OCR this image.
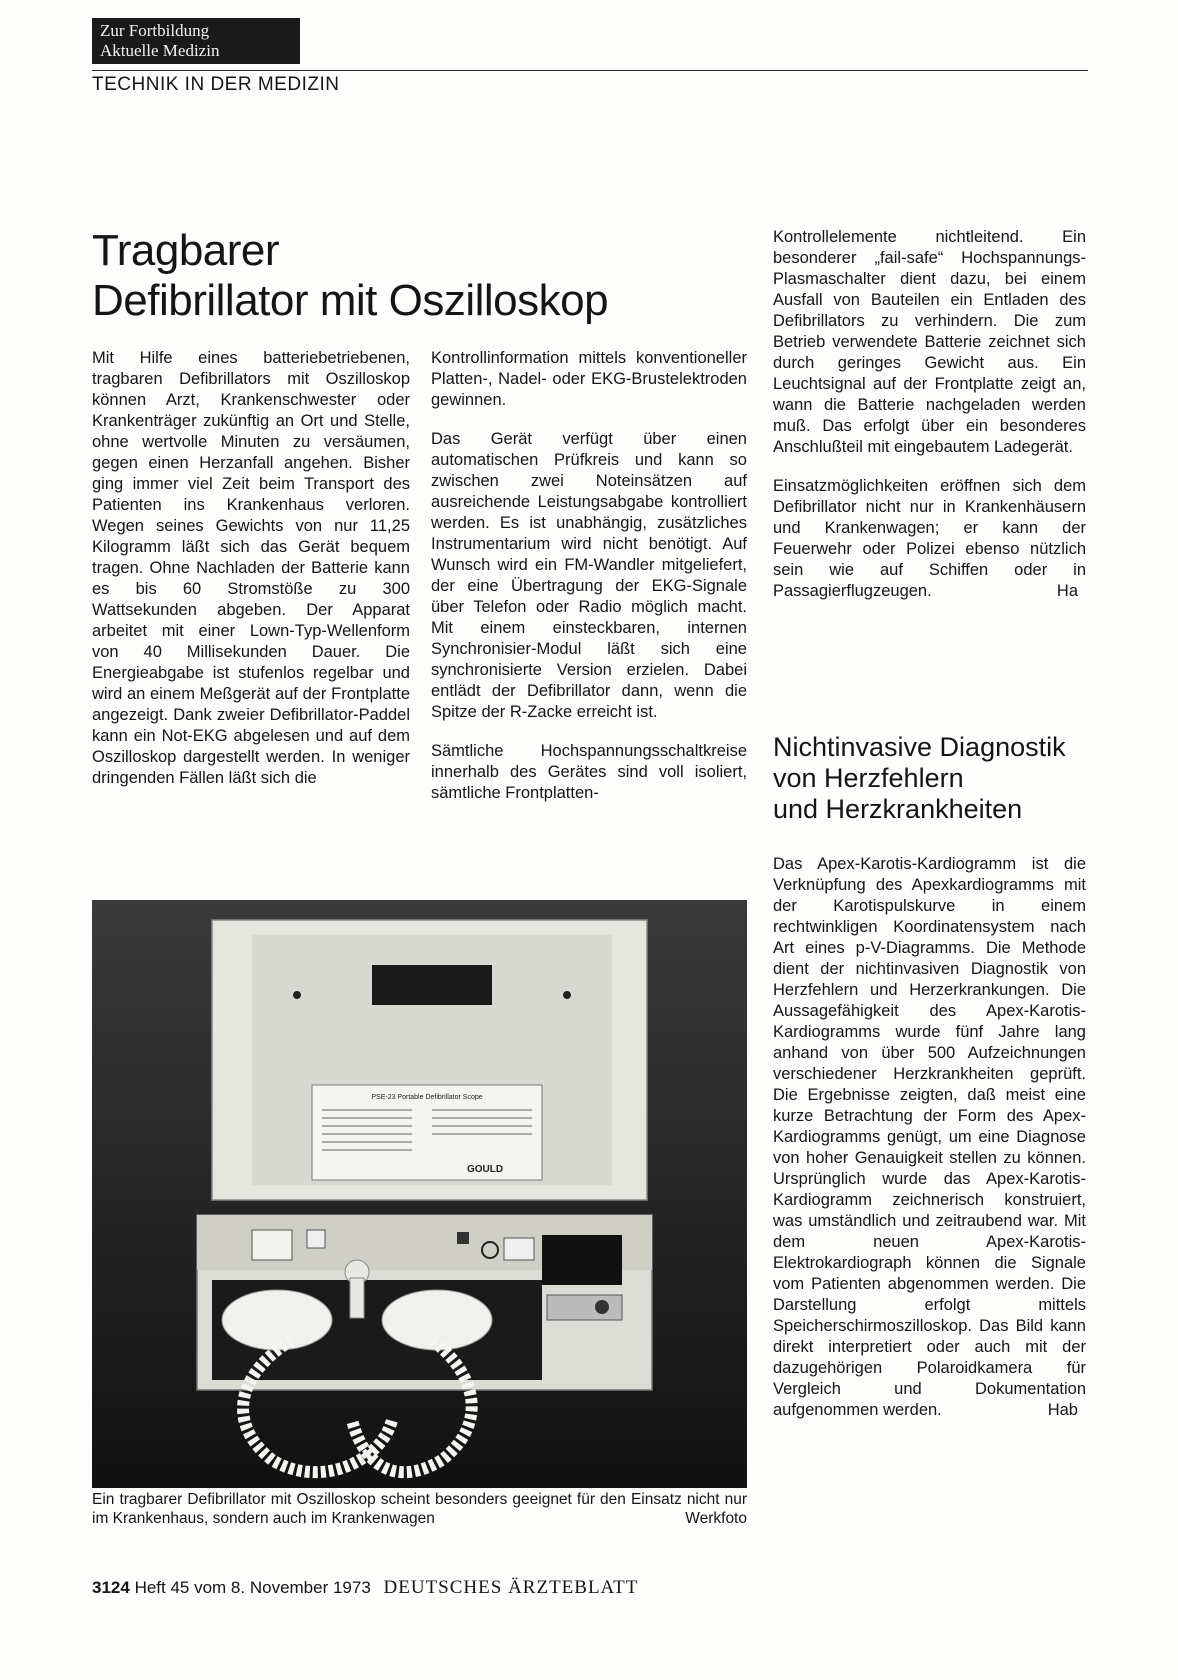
Zur Fortbildung
Aktuelle Medizin
TECHNIK IN DER MEDIZIN
Tragbarer
Defibrillator mit Oszilloskop

Mit Hilfe eines batteriebetriebenen, tragbaren Defibrillators mit Oszilloskop können Arzt, Krankenschwester oder Krankenträger zukünftig an Ort und Stelle, ohne wertvolle Minuten zu versäumen, gegen einen Herzanfall angehen. Bisher ging immer viel Zeit beim Transport des Patienten ins Krankenhaus verloren. Wegen seines Gewichts von nur 11,25 Kilogramm läßt sich das Gerät bequem tragen. Ohne Nachladen der Batterie kann es bis 60 Stromstöße zu 300 Wattsekunden abgeben. Der Apparat arbeitet mit einer Lown-Typ-Wellenform von 40 Millisekunden Dauer. Die Energieabgabe ist stufenlos regelbar und wird an einem Meßgerät auf der Frontplatte angezeigt. Dank zweier Defibrillator-Paddel kann ein Not-EKG abgelesen und auf dem Oszilloskop dargestellt werden. In weniger dringenden Fällen läßt sich die

Kontrollinformation mittels konventioneller Platten-, Nadel- oder EKG-Brustelektroden gewinnen.

Das Gerät verfügt über einen automatischen Prüfkreis und kann so zwischen zwei Noteinsätzen auf ausreichende Leistungsabgabe kontrolliert werden. Es ist unabhängig, zusätzliches Instrumentarium wird nicht benötigt. Auf Wunsch wird ein FM-Wandler mitgeliefert, der eine Übertragung der EKG-Signale über Telefon oder Radio möglich macht. Mit einem einsteckbaren, internen Synchronisier-Modul läßt sich eine synchronisierte Version erzielen. Dabei entlädt der Defibrillator dann, wenn die Spitze der R-Zacke erreicht ist.

Sämtliche Hochspannungsschaltkreise innerhalb des Gerätes sind voll isoliert, sämtliche Frontplatten-

Kontrollelemente nichtleitend. Ein besonderer „fail-safe“ Hochspannungs-Plasmaschalter dient dazu, bei einem Ausfall von Bauteilen ein Entladen des Defibrillators zu verhindern. Die zum Betrieb verwendete Batterie zeichnet sich durch geringes Gewicht aus. Ein Leuchtsignal auf der Frontplatte zeigt an, wann die Batterie nachgeladen werden muß. Das erfolgt über ein besonderes Anschlußteil mit eingebautem Ladegerät.

Einsatzmöglichkeiten eröffnen sich dem Defibrillator nicht nur in Krankenhäusern und Krankenwagen; er kann der Feuerwehr oder Polizei ebenso nützlich sein wie auf Schiffen oder in Passagierflugzeugen.	Ha

Nichtinvasive Diagnostik
von Herzfehlern
und Herzkrankheiten

Das Apex-Karotis-Kardiogramm ist die Verknüpfung des Apexkardiogramms mit der Karotispulskurve in einem rechtwinkligen Koordinatensystem nach Art eines p-V-Diagramms. Die Methode dient der nichtinvasiven Diagnostik von Herzfehlern und Herzerkrankungen. Die Aussagefähigkeit des Apex-Karotis-Kardiogramms wurde fünf Jahre lang anhand von über 500 Aufzeichnungen verschiedener Herzkrankheiten geprüft. Die Ergebnisse zeigten, daß meist eine kurze Betrachtung der Form des Apex-Kardiogramms genügt, um eine Diagnose von hoher Genauigkeit stellen zu können. Ursprünglich wurde das Apex-Karotis-Kardiogramm zeichnerisch konstruiert, was umständlich und zeitraubend war. Mit dem neuen Apex-Karotis-Elektrokardiograph können die Signale vom Patienten abgenommen werden. Die Darstellung erfolgt mittels Speicherschirmoszilloskop. Das Bild kann direkt interpretiert oder auch mit der dazugehörigen Polaroidkamera für Vergleich und Dokumentation aufgenommen werden.	Hab

PSE-23 Portable Defibrillator Scope
GOULD
Ein tragbarer Defibrillator mit Oszilloskop scheint besonders geeignet für den Einsatz nicht nur im Krankenhaus, sondern auch im Krankenwagen	Werkfoto
3124 Heft 45 vom 8. November 1973 DEUTSCHES ÄRZTEBLATT
